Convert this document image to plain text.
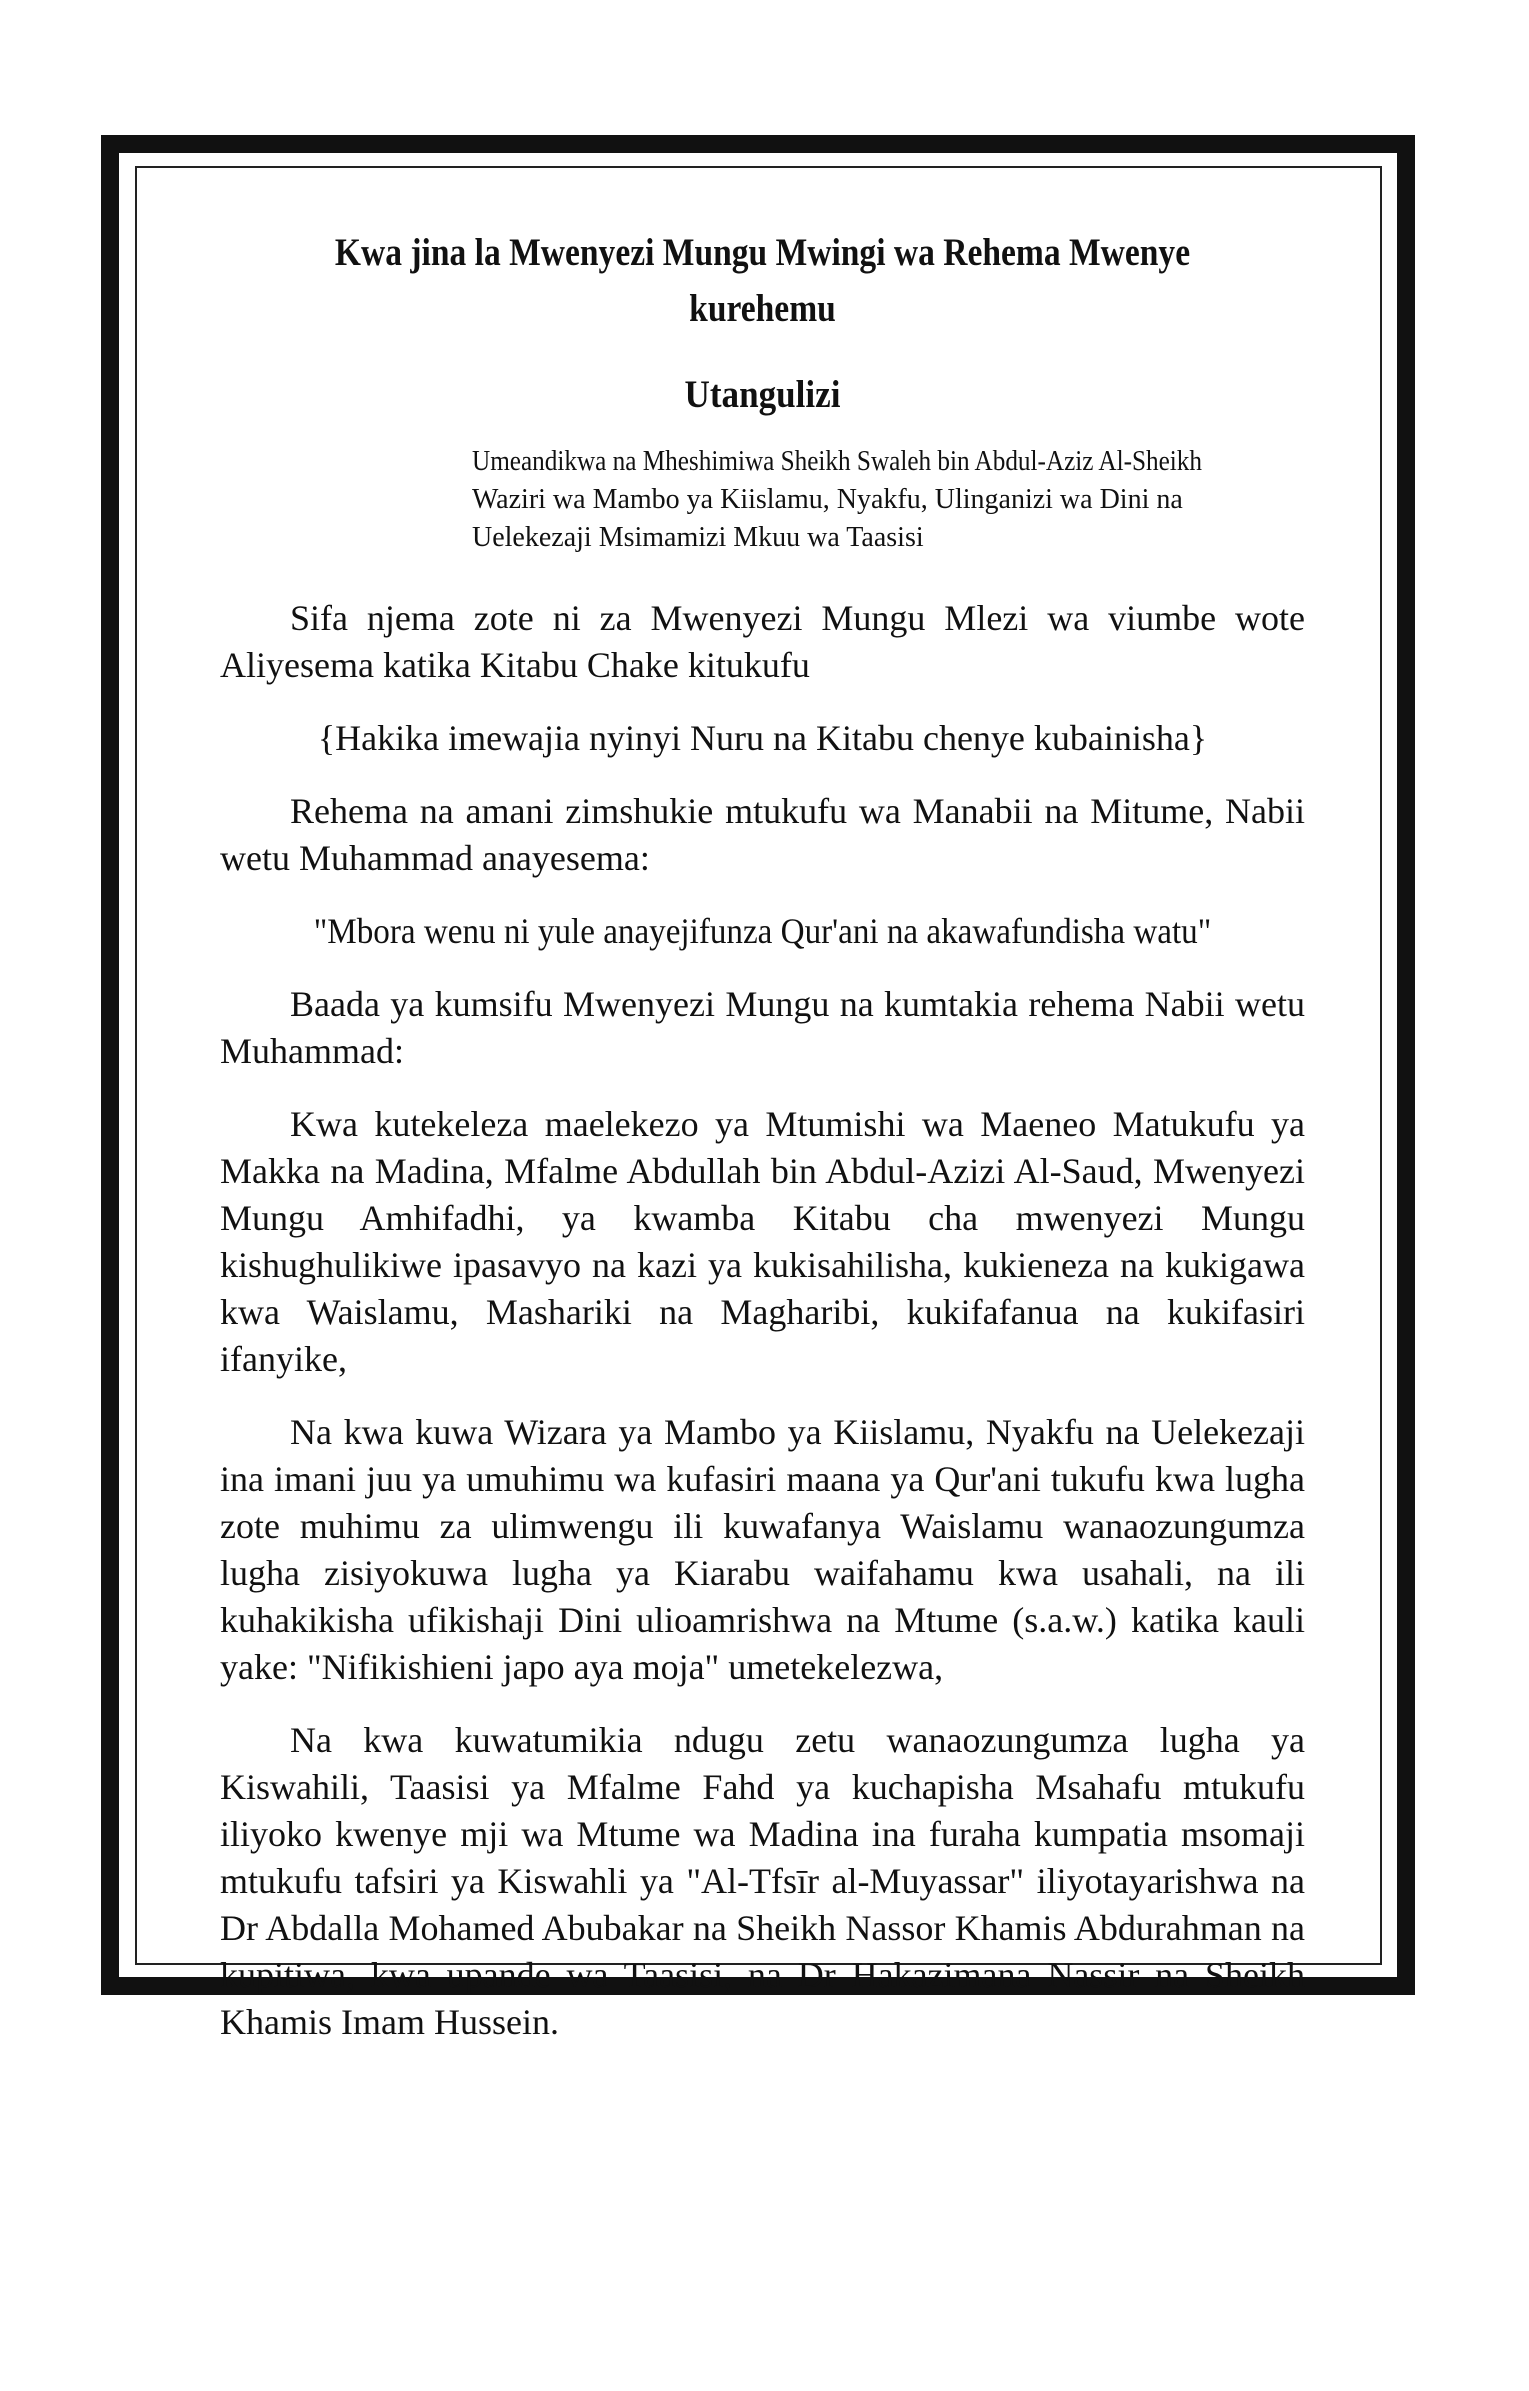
Kwa jina la Mwenyezi Mungu Mwingi wa Rehema Mwenye kurehemu

Utangulizi

Umeandikwa na Mheshimiwa Sheikh Swaleh bin Abdul-Aziz Al-Sheikh

Waziri wa Mambo ya Kiislamu, Nyakfu, Ulinganizi wa Dini na

Uelekezaji Msimamizi Mkuu wa Taasisi

Sifa njema zote ni za Mwenyezi Mungu Mlezi wa viumbe wote Aliyesema katika Kitabu Chake kitukufu

{Hakika imewajia nyinyi Nuru na Kitabu chenye kubainisha}

Rehema na amani zimshukie mtukufu wa Manabii na Mitume, Nabii wetu Muhammad anayesema:

"Mbora wenu ni yule anayejifunza Qur'ani na akawafundisha watu"

Baada ya kumsifu Mwenyezi Mungu na kumtakia rehema Nabii wetu Muhammad:

Kwa kutekeleza maelekezo ya Mtumishi wa Maeneo Matukufu ya Makka na Madina, Mfalme Abdullah bin Abdul-Azizi Al-Saud, Mwenyezi Mungu Amhifadhi, ya kwamba Kitabu cha mwenyezi Mungu kishughulikiwe ipasavyo na kazi ya kukisahilisha, kukieneza na kukigawa kwa Waislamu, Mashariki na Magharibi, kukifafanua na kukifasiri ifanyike,

Na kwa kuwa Wizara ya Mambo ya Kiislamu, Nyakfu na Uelekezaji ina imani juu ya umuhimu wa kufasiri maana ya Qur'ani tukufu kwa lugha zote muhimu za ulimwengu ili kuwafanya Waislamu wanaozungumza lugha zisiyokuwa lugha ya Kiarabu waifahamu kwa usahali, na ili kuhakikisha ufikishaji Dini ulioamrishwa na Mtume (s.a.w.) katika kauli yake: "Nifikishieni japo aya moja" umetekelezwa,

Na kwa kuwatumikia ndugu zetu wanaozungumza lugha ya Kiswahili, Taasisi ya Mfalme Fahd ya kuchapisha Msahafu mtukufu iliyoko kwenye mji wa Mtume wa Madina ina furaha kumpatia msomaji mtukufu tafsiri ya Kiswahli ya "Al-Tfsīr al-Muyassar" iliyotayarishwa na Dr Abdalla Mohamed Abubakar na Sheikh Nassor Khamis Abdurahman na kupitiwa, kwa upande wa Taasisi, na Dr Hakazimana Nassir na Sheikh Khamis Imam Hussein.
